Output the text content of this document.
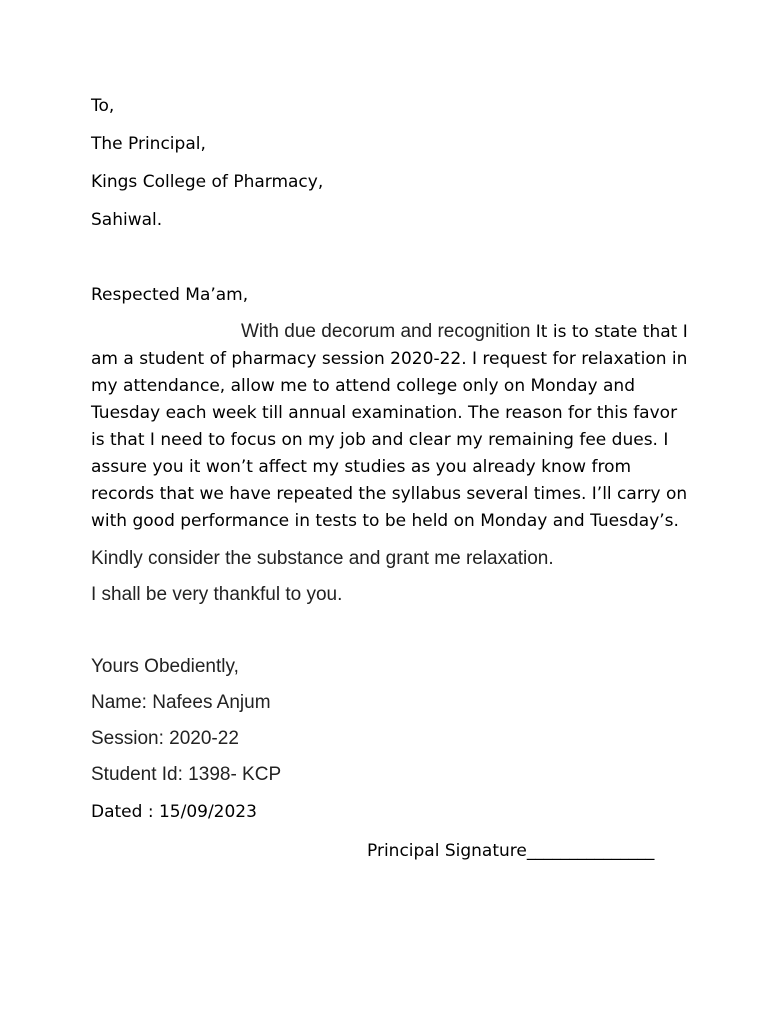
To,
The Principal,
Kings College of Pharmacy,
Sahiwal.
Respected Ma’am,
With due decorum and recognition It is to state that I am a student of pharmacy session 2020-22. I request for relaxation in my attendance, allow me to attend college only on Monday and Tuesday each week till annual examination. The reason for this favor is that I need to focus on my job and clear my remaining fee dues. I assure you it won’t affect my studies as you already know from records that we have repeated the syllabus several times. I’ll carry on with good performance in tests to be held on Monday and Tuesday’s.
Kindly consider the substance and grant me relaxation.
I shall be very thankful to you.
Yours Obediently,
Name: Nafees Anjum
Session: 2020-22
Student Id: 1398- KCP
Dated : 15/09/2023
Principal Signature_______________
